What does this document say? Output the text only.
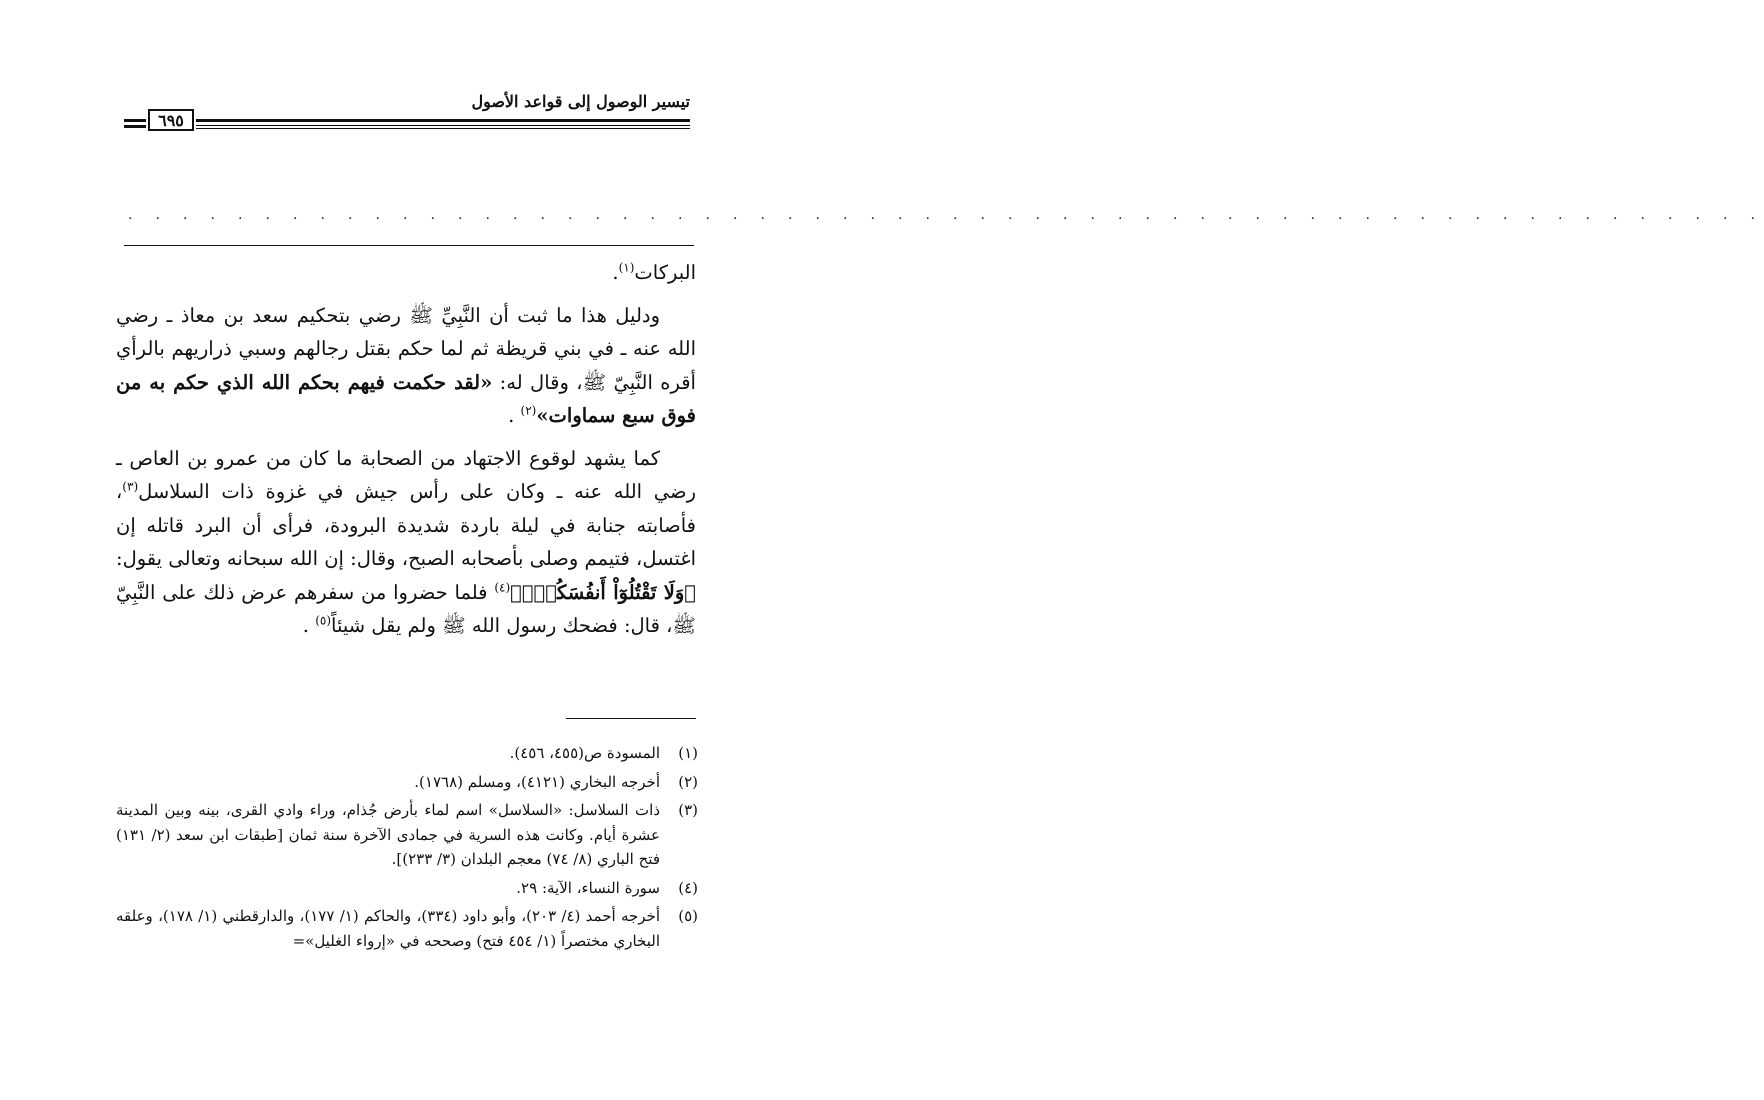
تيسير الوصول إلى قواعد الأصول
٦٩٥
. . . . . . . . . . . . . . . . . . . . . . . . . . . . . . . . . . . . . . . . . . . . . . . . . . . . . . . . . . . .

البركات$^{(١)}$.

ودليل هذا ما ثبت أن النَّبِيِّ ﷺ رضي بتحكيم سعد بن معاذ ـ رضي الله عنه ـ في بني قريظة ثم لما حكم بقتل رجالهم وسبي ذراريهم بالرأي أقره النَّبِيّ ﷺ، وقال له: «لقد حكمت فيهم بحكم الله الذي حكم به من فوق سبع سماوات»$^{(٢)}$ .

كما يشهد لوقوع الاجتهاد من الصحابة ما كان من عمرو بن العاص ـ رضي الله عنه ـ وكان على رأس جيش في غزوة ذات السلاسل$^{(٣)}$، فأصابته جنابة في ليلة باردة شديدة البرودة، فرأى أن البرد قاتله إن اغتسل، فتيمم وصلى بأصحابه الصبح، وقال: إن الله سبحانه وتعالى يقول: ﴿وَلَا تَقْتُلُوٓاْ أَنفُسَكُمْۚ﴾$^{(٤)}$ فلما حضروا من سفرهم عرض ذلك على النَّبِيّ ﷺ، قال: فضحك رسول الله ﷺ ولم يقل شيئاً$^{(٥)}$ .

(١)
المسودة ص(٤٥٥، ٤٥٦).
(٢)
أخرجه البخاري (٤١٢١)، ومسلم (١٧٦٨).
(٣)
ذات السلاسل: «السلاسل» اسم لماء بأرض جُذام، وراء وادي القرى، بينه وبين المدينة عشرة أيام. وكانت هذه السرية في جمادى الآخرة سنة ثمان [طبقات ابن سعد (٢/ ١٣١) فتح الباري (٨/ ٧٤) معجم البلدان (٣/ ٢٣٣)].
(٤)
سورة النساء، الآية: ٢٩.
(٥)
أخرجه أحمد (٤/ ٢٠٣)، وأبو داود (٣٣٤)، والحاكم (١/ ١٧٧)، والدارقطني (١/ ١٧٨)، وعلقه البخاري مختصراً (١/ ٤٥٤ فتح) وصححه في «إرواء الغليل»=
